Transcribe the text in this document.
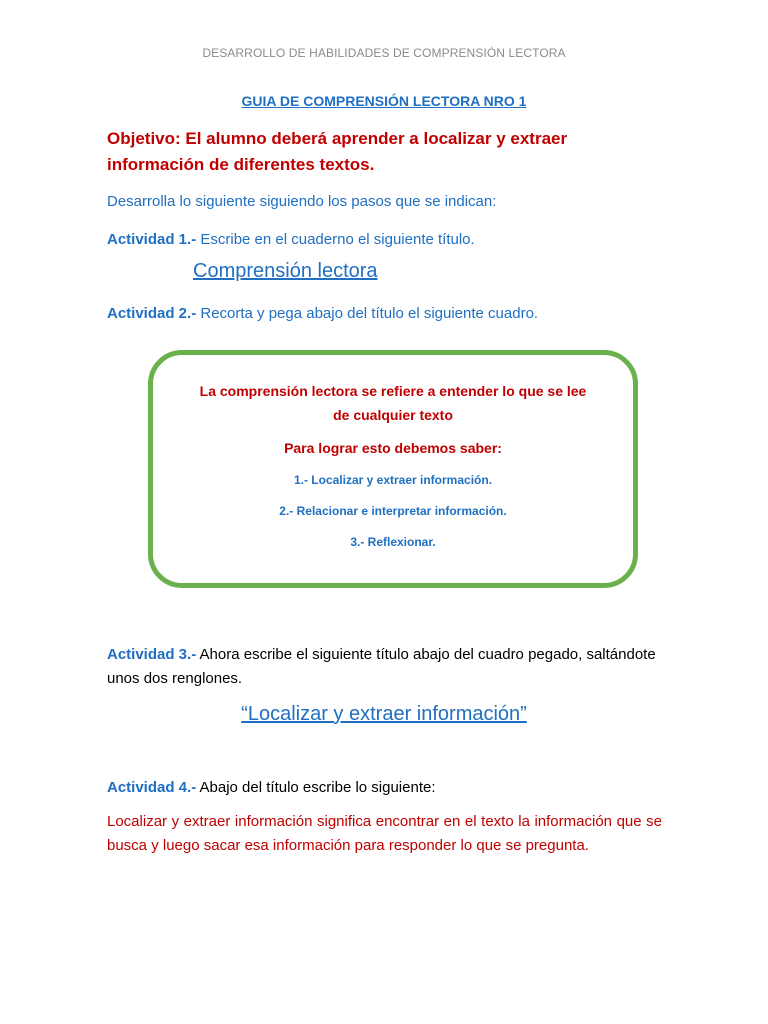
DESARROLLO DE HABILIDADES DE COMPRENSIÓN LECTORA
GUIA DE COMPRENSIÓN LECTORA NRO 1
Objetivo: El alumno deberá aprender a localizar y extraer información de diferentes textos.
Desarrolla lo siguiente siguiendo los pasos que se indican:
Actividad 1.- Escribe en el cuaderno el siguiente título.
Comprensión lectora
Actividad 2.- Recorta y pega abajo del título el siguiente cuadro.
La comprensión lectora se refiere a entender lo que se lee
de cualquier texto
Para lograr esto debemos saber:
1.- Localizar y extraer información.
2.- Relacionar e interpretar información.
3.- Reflexionar.
Actividad 3.- Ahora escribe el siguiente título abajo del cuadro pegado, saltándote unos dos renglones.
“Localizar y extraer información”
Actividad 4.- Abajo del título escribe lo siguiente:
Localizar y extraer información significa encontrar en el texto la información que se busca y luego sacar esa información para responder lo que se pregunta.
